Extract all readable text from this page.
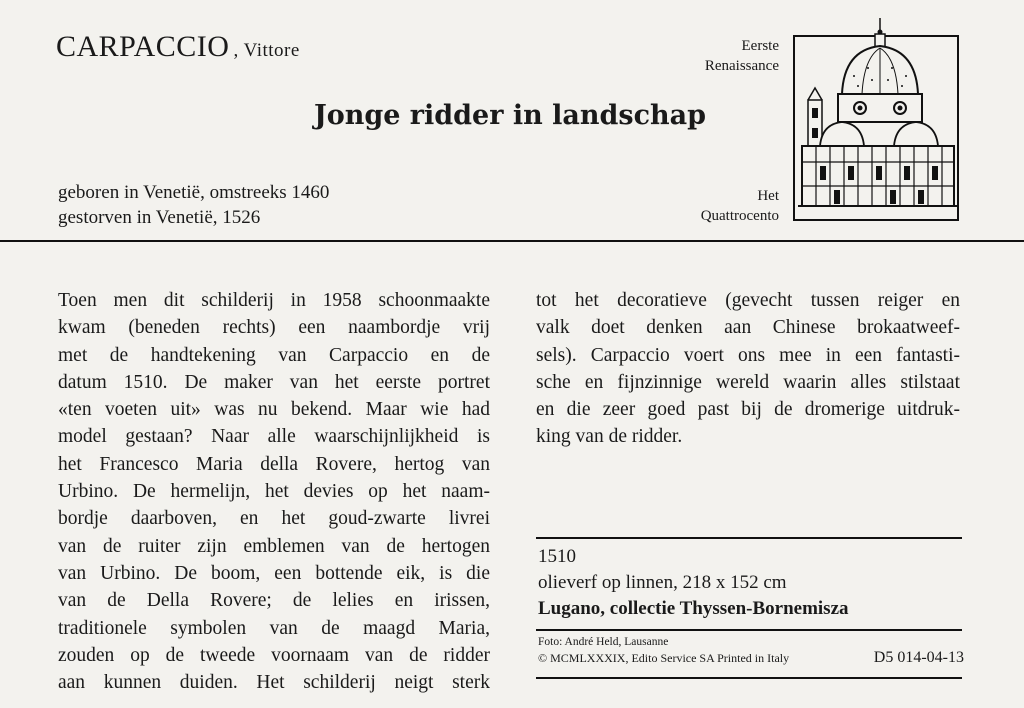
CARPACCIO , Vittore
Jonge ridder in landschap
geboren in Venetië, omstreeks 1460
gestorven in Venetië, 1526
Eerste
Renaissance
Het
Quattrocento
Toen men dit schilderij in 1958 schoonmaakte
kwam (beneden rechts) een naambordje vrij
met de handtekening van Carpaccio en de
datum 1510. De maker van het eerste portret
«ten voeten uit» was nu bekend. Maar wie had
model gestaan? Naar alle waarschijnlijkheid is
het Francesco Maria della Rovere, hertog van
Urbino. De hermelijn, het devies op het naam-
bordje daarboven, en het goud-zwarte livrei
van de ruiter zijn emblemen van de hertogen
van Urbino. De boom, een bottende eik, is die
van de Della Rovere; de lelies en irissen,
traditionele symbolen van de maagd Maria,
zouden op de tweede voornaam van de ridder
aan kunnen duiden. Het schilderij neigt sterk
tot het decoratieve (gevecht tussen reiger en
valk doet denken aan Chinese brokaatweef-
sels). Carpaccio voert ons mee in een fantasti-
sche en fijnzinnige wereld waarin alles stilstaat
en die zeer goed past bij de dromerige uitdruk-
king van de ridder.
1510
olieverf op linnen, 218 x 152 cm
Lugano, collectie Thyssen-Bornemisza
Foto: André Held, Lausanne
© MCMLXXXIX, Edito Service SA Printed in Italy	D5 014-04-13
